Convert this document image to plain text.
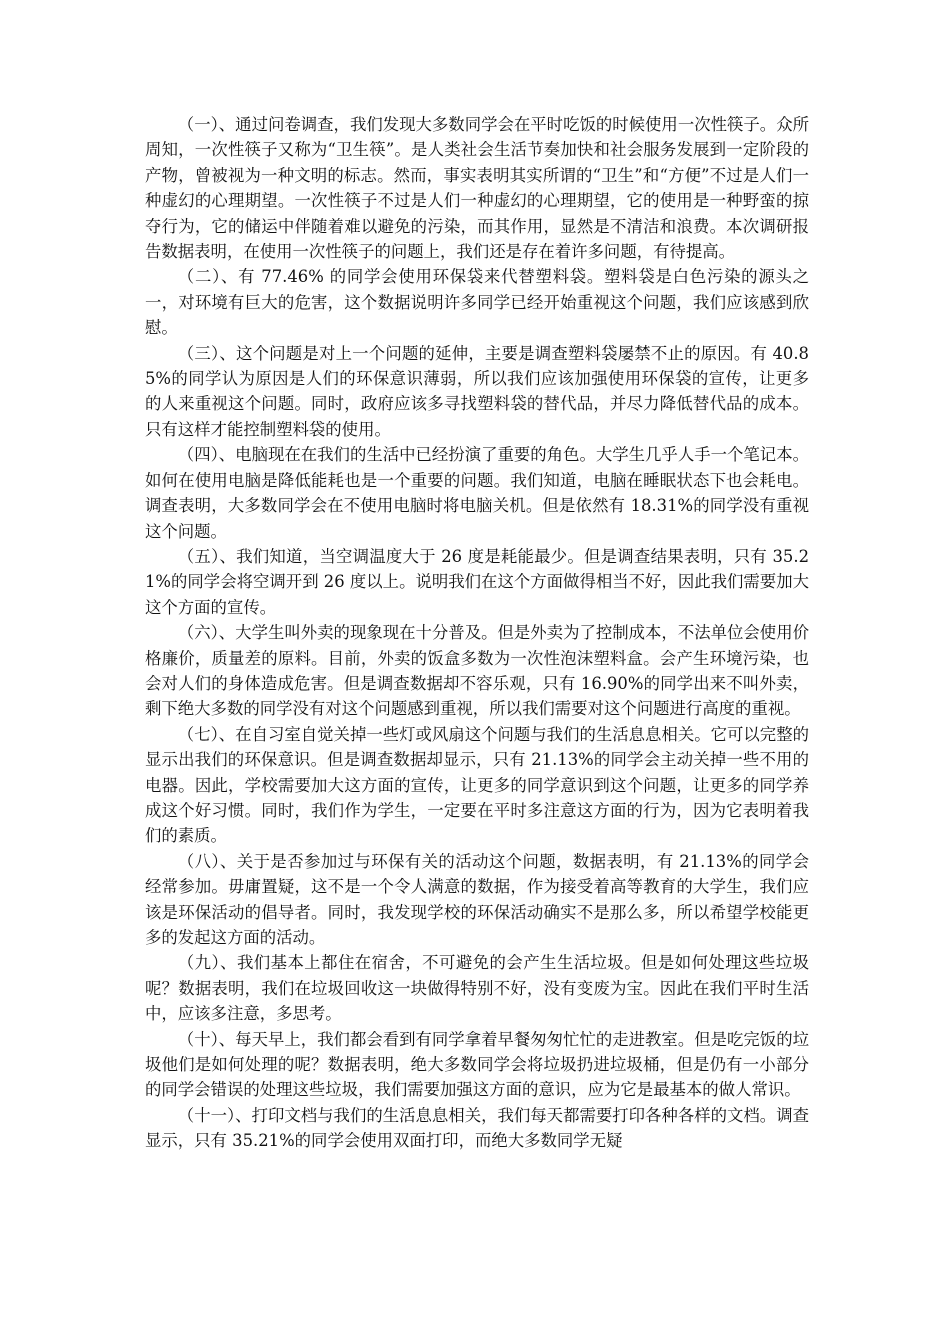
（一）、通过问卷调查，我们发现大多数同学会在平时吃饭的时候使用一次性筷子。众所周知，一次性筷子又称为“卫生筷”。是人类社会生活节奏加快和社会服务发展到一定阶段的产物，曾被视为一种文明的标志。然而，事实表明其实所谓的“卫生”和“方便”不过是人们一种虚幻的心理期望。一次性筷子不过是人们一种虚幻的心理期望，它的使用是一种野蛮的掠夺行为，它的储运中伴随着难以避免的污染，而其作用，显然是不清洁和浪费。本次调研报告数据表明，在使用一次性筷子的问题上，我们还是存在着许多问题，有待提高。

（二）、有 77.46% 的同学会使用环保袋来代替塑料袋。塑料袋是白色污染的源头之一，对环境有巨大的危害，这个数据说明许多同学已经开始重视这个问题，我们应该感到欣慰。

（三）、这个问题是对上一个问题的延伸，主要是调查塑料袋屡禁不止的原因。有 40.85%的同学认为原因是人们的环保意识薄弱，所以我们应该加强使用环保袋的宣传，让更多的人来重视这个问题。同时，政府应该多寻找塑料袋的替代品，并尽力降低替代品的成本。只有这样才能控制塑料袋的使用。

（四）、电脑现在在我们的生活中已经扮演了重要的角色。大学生几乎人手一个笔记本。如何在使用电脑是降低能耗也是一个重要的问题。我们知道，电脑在睡眠状态下也会耗电。调查表明，大多数同学会在不使用电脑时将电脑关机。但是依然有 18.31%的同学没有重视这个问题。

（五）、我们知道，当空调温度大于 26 度是耗能最少。但是调查结果表明，只有 35.21%的同学会将空调开到 26 度以上。说明我们在这个方面做得相当不好，因此我们需要加大这个方面的宣传。

（六）、大学生叫外卖的现象现在十分普及。但是外卖为了控制成本，不法单位会使用价格廉价，质量差的原料。目前，外卖的饭盒多数为一次性泡沫塑料盒。会产生环境污染，也会对人们的身体造成危害。但是调查数据却不容乐观，只有 16.90%的同学出来不叫外卖，剩下绝大多数的同学没有对这个问题感到重视，所以我们需要对这个问题进行高度的重视。

（七）、在自习室自觉关掉一些灯或风扇这个问题与我们的生活息息相关。它可以完整的显示出我们的环保意识。但是调查数据却显示，只有 21.13%的同学会主动关掉一些不用的电器。因此，学校需要加大这方面的宣传，让更多的同学意识到这个问题，让更多的同学养成这个好习惯。同时，我们作为学生，一定要在平时多注意这方面的行为，因为它表明着我们的素质。

（八）、关于是否参加过与环保有关的活动这个问题，数据表明，有 21.13%的同学会经常参加。毋庸置疑，这不是一个令人满意的数据，作为接受着高等教育的大学生，我们应该是环保活动的倡导者。同时，我发现学校的环保活动确实不是那么多，所以希望学校能更多的发起这方面的活动。

（九）、我们基本上都住在宿舍，不可避免的会产生生活垃圾。但是如何处理这些垃圾呢？数据表明，我们在垃圾回收这一块做得特别不好，没有变废为宝。因此在我们平时生活中，应该多注意，多思考。

（十）、每天早上，我们都会看到有同学拿着早餐匆匆忙忙的走进教室。但是吃完饭的垃圾他们是如何处理的呢？数据表明，绝大多数同学会将垃圾扔进垃圾桶，但是仍有一小部分的同学会错误的处理这些垃圾，我们需要加强这方面的意识，应为它是最基本的做人常识。

（十一）、打印文档与我们的生活息息相关，我们每天都需要打印各种各样的文档。调查显示，只有 35.21%的同学会使用双面打印，而绝大多数同学无疑
